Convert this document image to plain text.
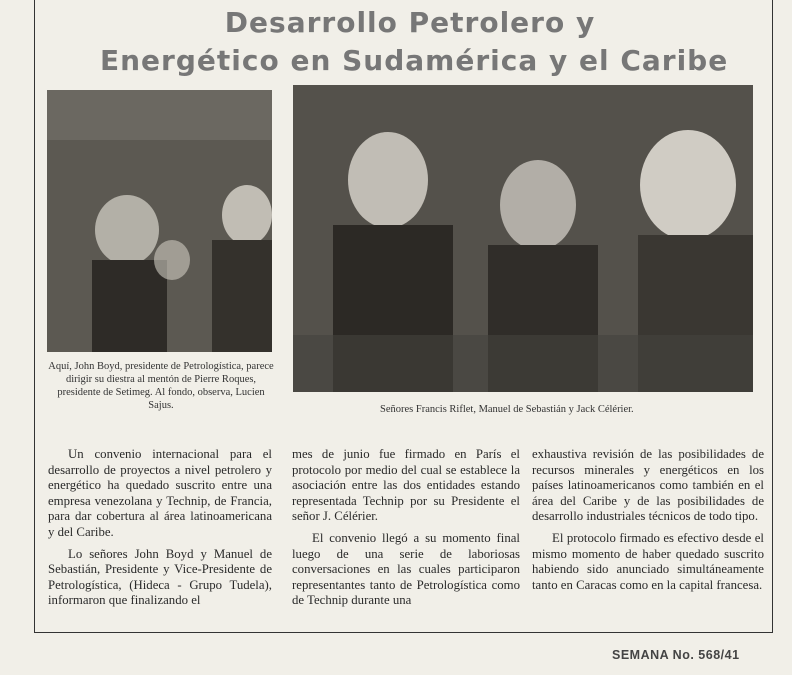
Desarrollo Petrolero y
Energético en Sudamérica y el Caribe
Aquí, John Boyd, presidente de Petrologística, parece dirigir su diestra al mentón de Pierre Roques, presidente de Setimeg. Al fondo, observa, Lucien Sajus.	Señores Francis Riflet, Manuel de Sebastián y Jack Célérier.

Un convenio internacional para el desarrollo de proyectos a nivel petrolero y energético ha quedado suscrito entre una empresa venezolana y Technip, de Francia, para dar cobertura al área latinoamericana y del Caribe.

Lo señores John Boyd y Manuel de Sebastián, Presidente y Vice-Presidente de Petrologística, (Hideca - Grupo Tudela), informaron que finalizando el

mes de junio fue firmado en París el protocolo por medio del cual se establece la asociación entre las dos entidades estando representada Technip por su Presidente el señor J. Célérier.

El convenio llegó a su momento final luego de una serie de laboriosas conversaciones en las cuales participaron representantes tanto de Petrologística como de Technip durante una

exhaustiva revisión de las posibilidades de recursos minerales y energéticos en los países latinoamericanos como también en el área del Caribe y de las posibilidades de desarrollo industriales técnicos de todo tipo.

El protocolo firmado es efectivo desde el mismo momento de haber quedado suscrito habiendo sido anunciado simultáneamente tanto en Caracas como en la capital francesa.

SEMANA No. 568/41
